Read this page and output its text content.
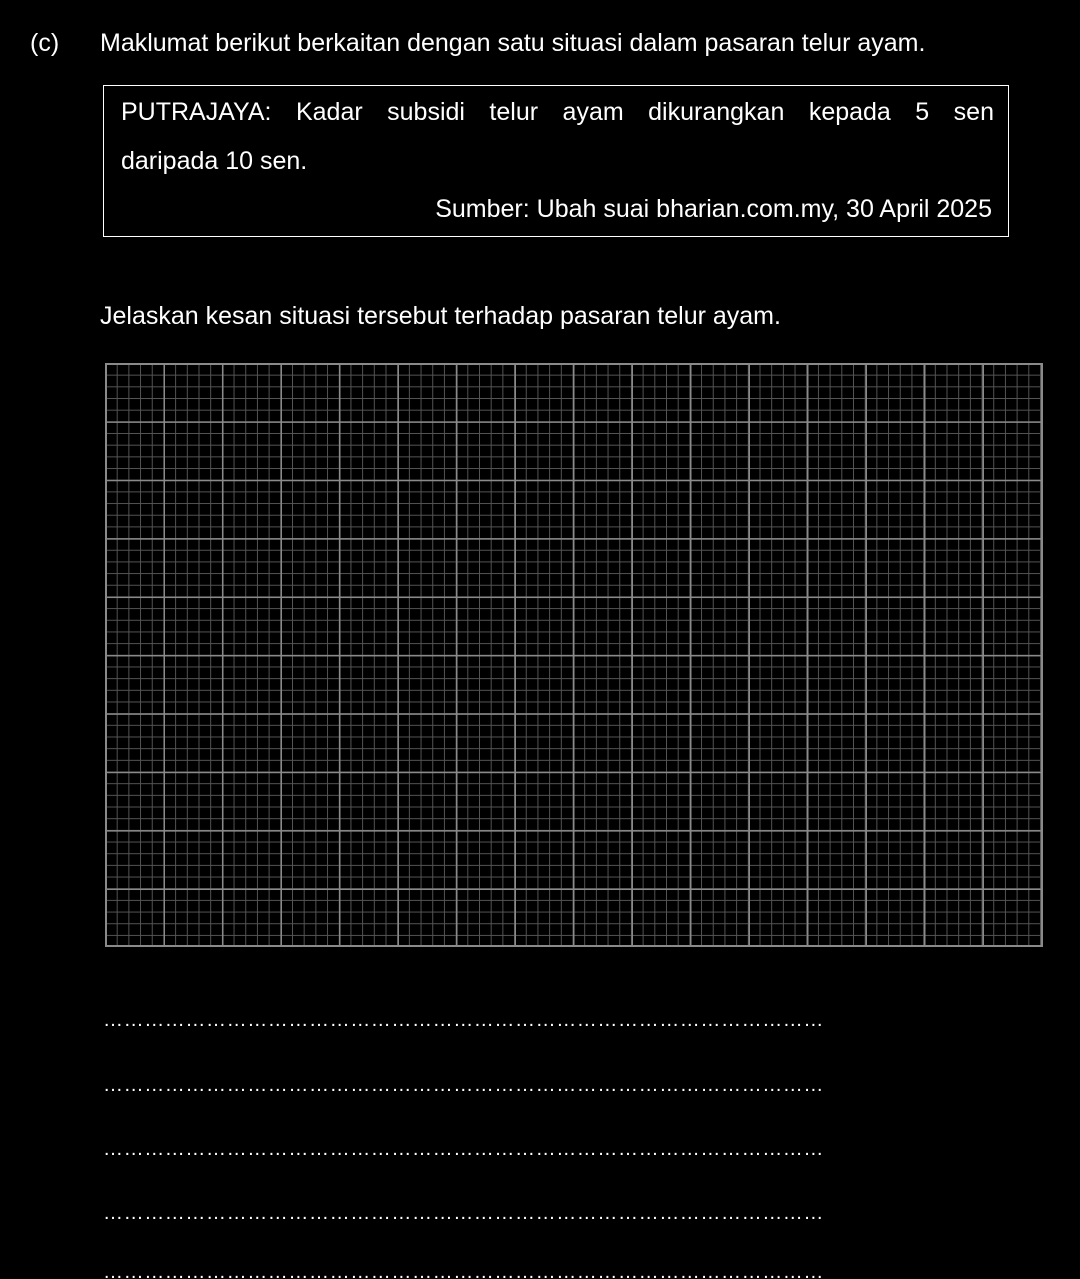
(c) Maklumat berikut berkaitan dengan satu situasi dalam pasaran telur ayam.
PUTRAJAYA: Kadar subsidi telur ayam dikurangkan kepada 5 sen
daripada 10 sen.
Sumber: Ubah suai bharian.com.my, 30 April 2025
Jelaskan kesan situasi tersebut terhadap pasaran telur ayam.
……………………………………………………………………………………………
……………………………………………………………………………………………
……………………………………………………………………………………………
……………………………………………………………………………………………
……………………………………………………………………………………………
